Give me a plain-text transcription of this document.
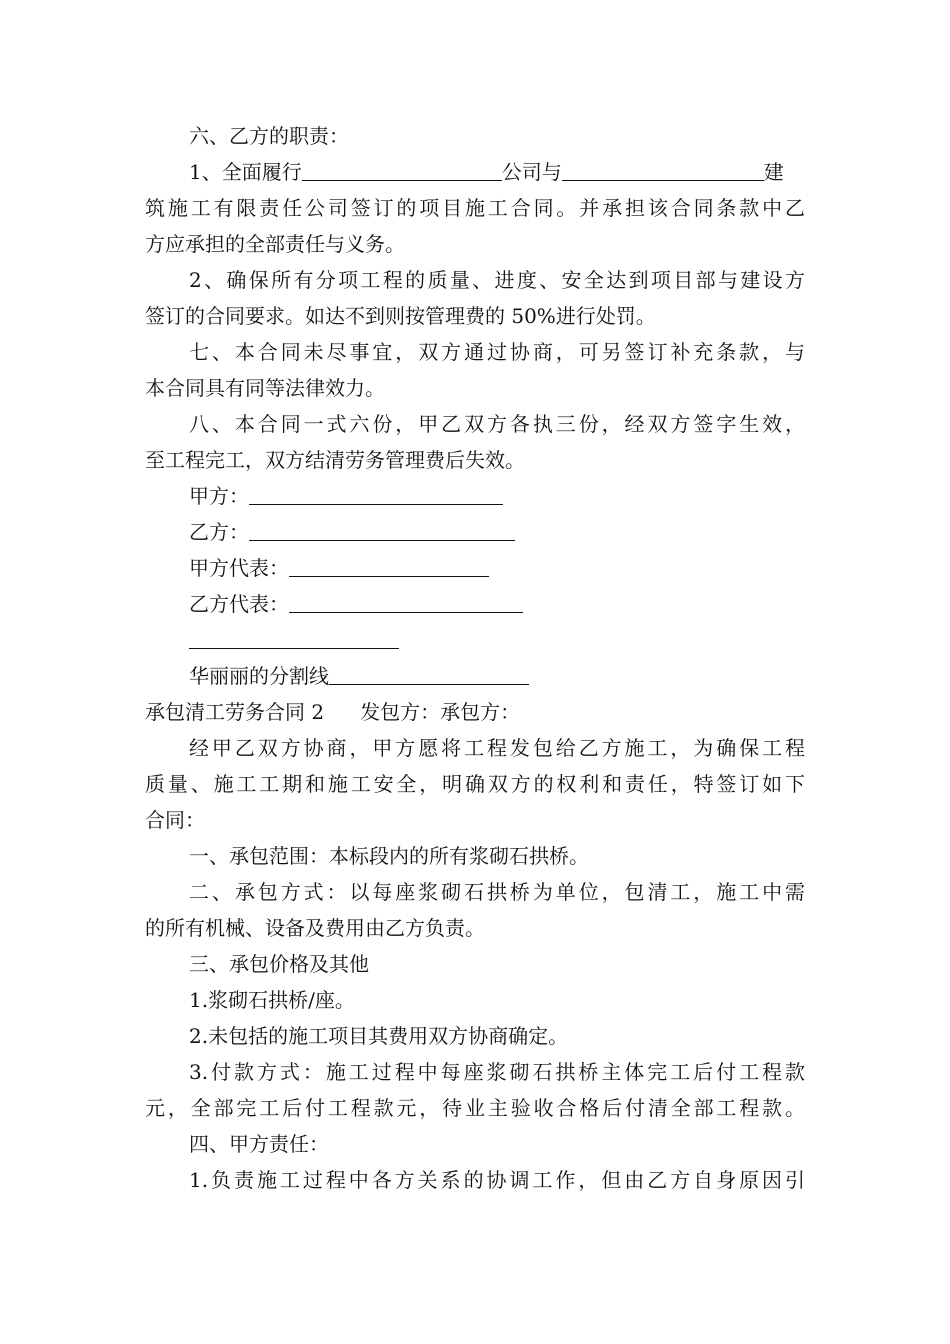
六、乙方的职责：

1、全面履行	公司与	建

筑施工有限责任公司签订的项目施工合同。并承担该合同条款中乙

方应承担的全部责任与义务。

2、确保所有分项工程的质量、进度、安全达到项目部与建设方

签订的合同要求。如达不到则按管理费的 50%进行处罚。

七、本合同未尽事宜，双方通过协商，可另签订补充条款，与

本合同具有同等法律效力。

八、本合同一式六份，甲乙双方各执三份，经双方签字生效，

至工程完工，双方结清劳务管理费后失效。

甲方：

乙方：

甲方代表：

乙方代表：

华丽丽的分割线

承包清工劳务合同 2 发包方：承包方：

经甲乙双方协商，甲方愿将工程发包给乙方施工，为确保工程

质量、施工工期和施工安全，明确双方的权利和责任，特签订如下

合同：

一、承包范围：本标段内的所有浆砌石拱桥。

二、承包方式：以每座浆砌石拱桥为单位，包清工，施工中需

的所有机械、设备及费用由乙方负责。

三、承包价格及其他

1.浆砌石拱桥/座。

2.未包括的施工项目其费用双方协商确定。

3.付款方式：施工过程中每座浆砌石拱桥主体完工后付工程款

元，全部完工后付工程款元，待业主验收合格后付清全部工程款。

四、甲方责任：

1.负责施工过程中各方关系的协调工作，但由乙方自身原因引
